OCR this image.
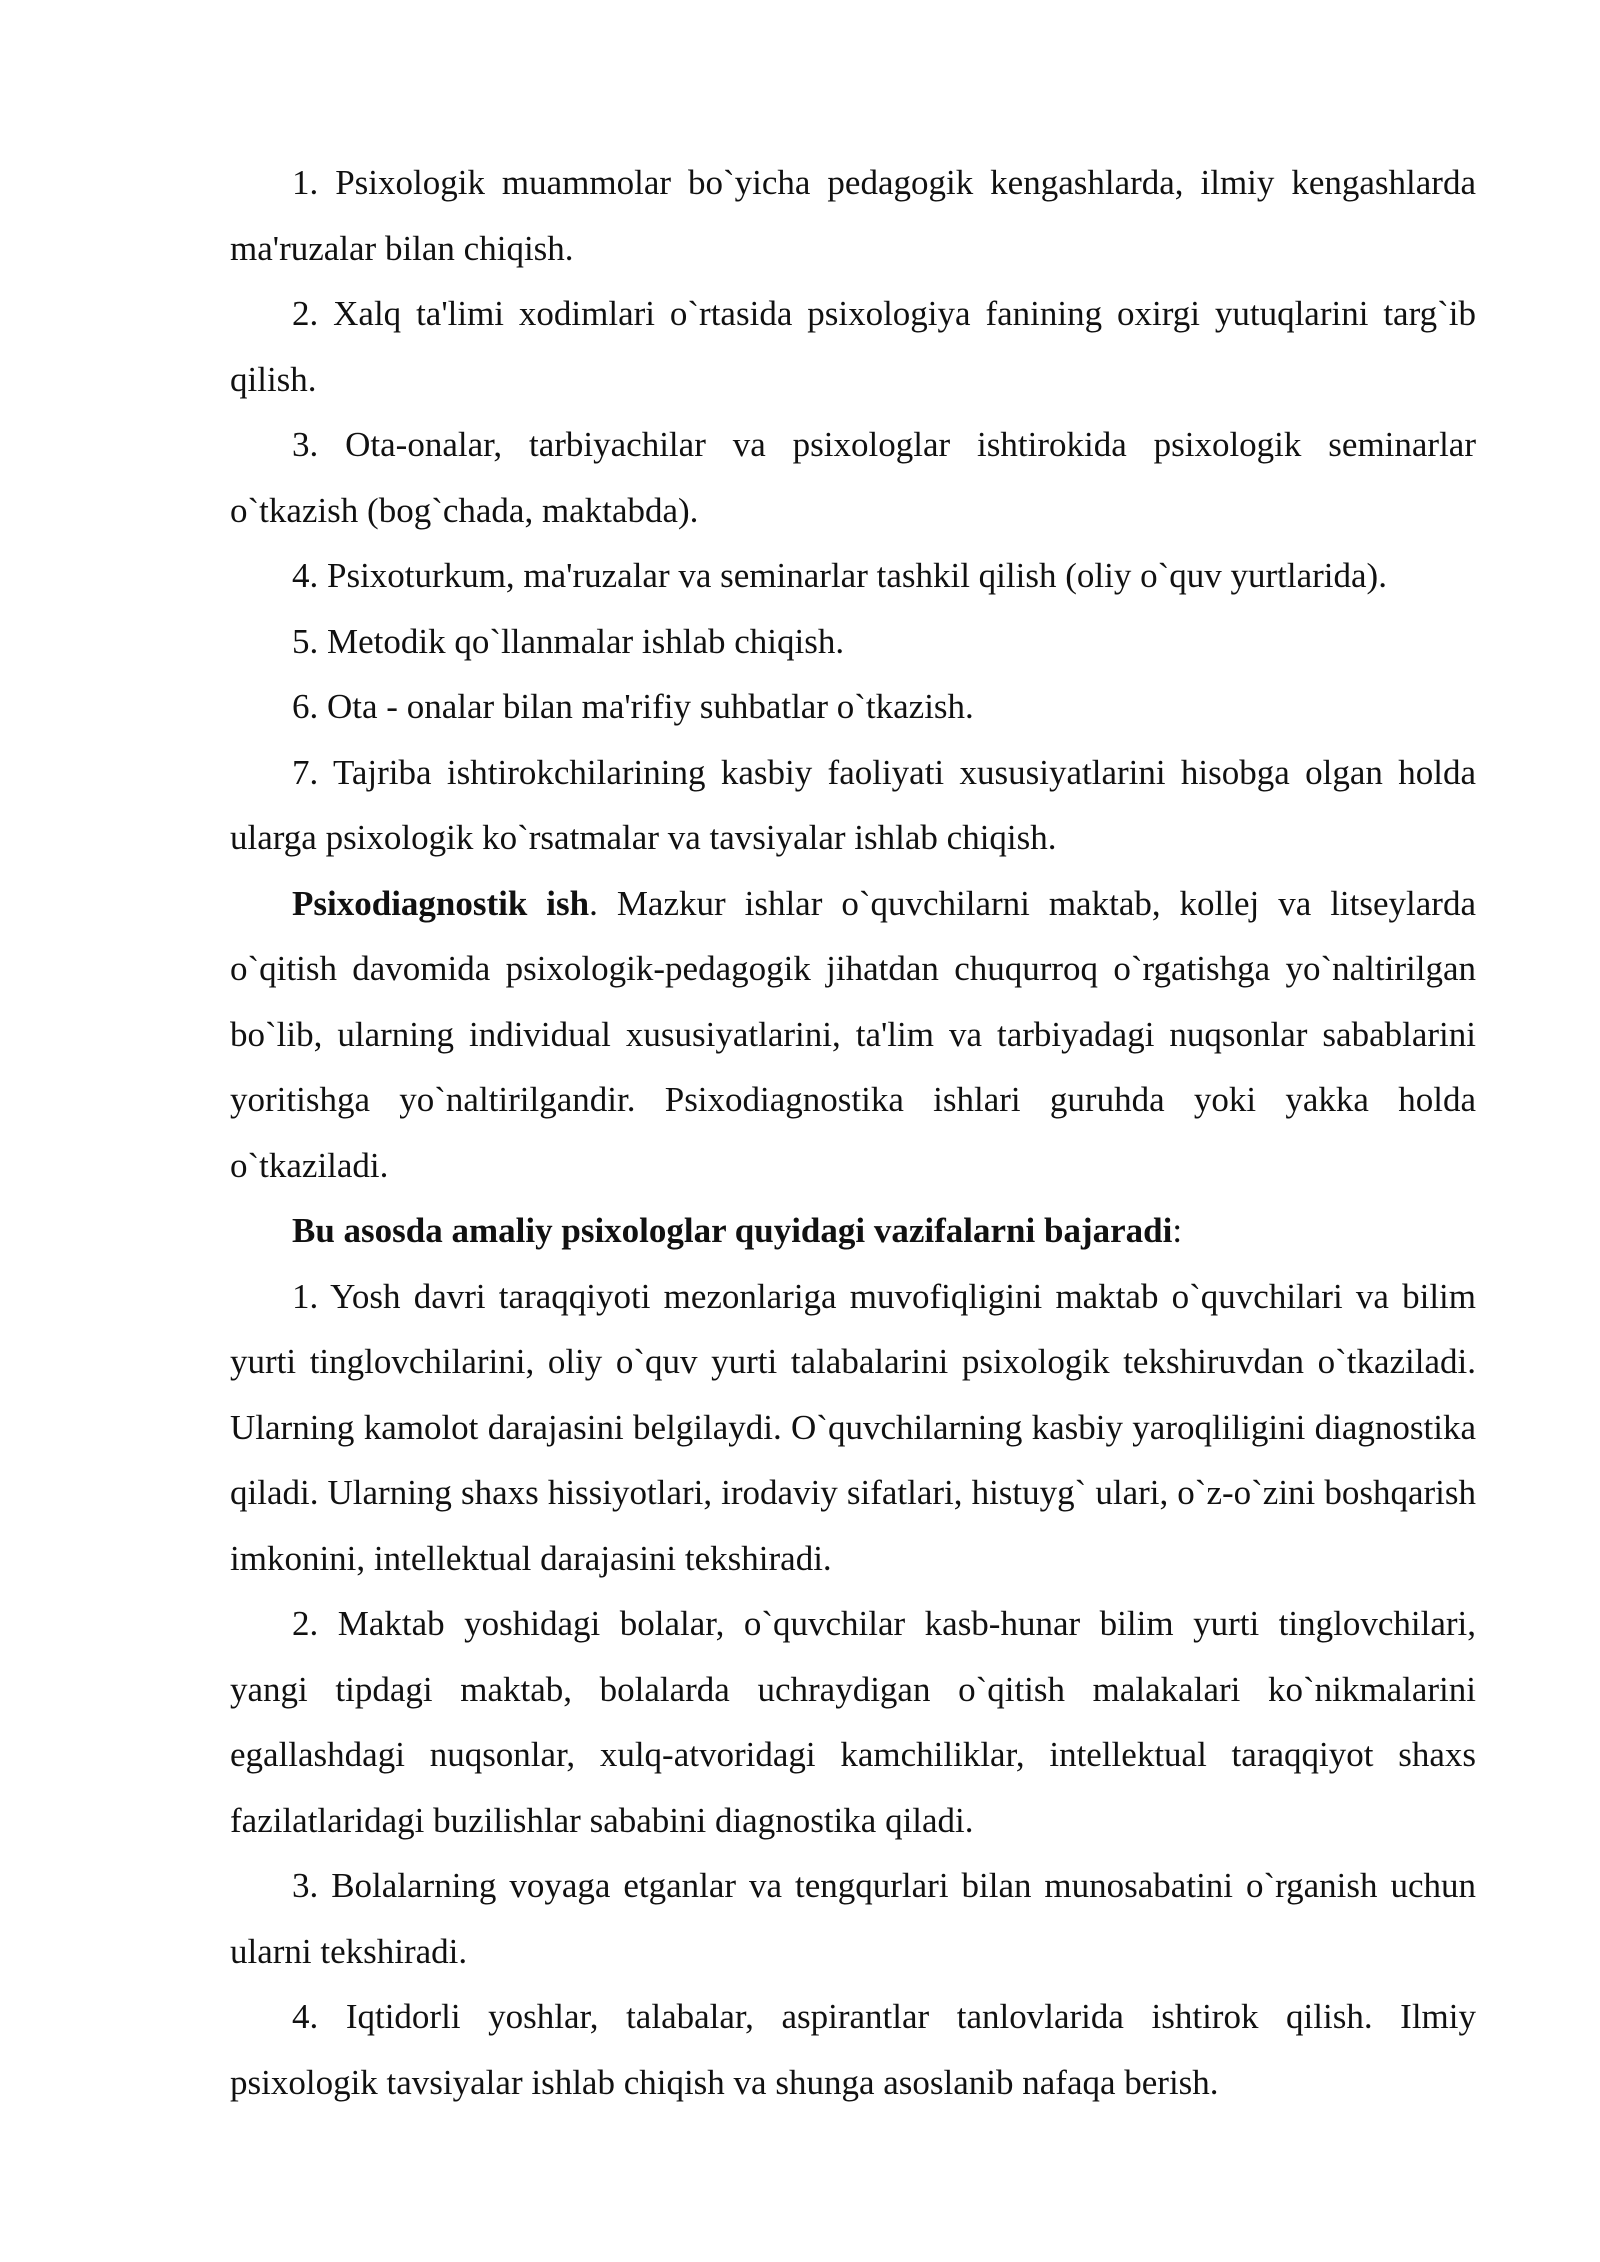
1. Psixologik muammolar bo`yicha pedagogik kengashlarda, ilmiy kengashlarda ma'ruzalar bilan chiqish.

2. Xalq ta'limi xodimlari o`rtasida psixologiya fanining oxirgi yutuqlarini targ`ib qilish.

3. Ota-onalar, tarbiyachilar va psixologlar ishtirokida psixologik seminarlar o`tkazish (bog`chada, maktabda).

4. Psixoturkum, ma'ruzalar va seminarlar tashkil qilish (oliy o`quv yurtlarida).

5. Metodik qo`llanmalar ishlab chiqish.

6. Ota - onalar bilan ma'rifiy suhbatlar o`tkazish.

7. Tajriba ishtirokchilarining kasbiy faoliyati xususiyatlarini hisobga olgan holda ularga psixologik ko`rsatmalar va tavsiyalar ishlab chiqish.

Psixodiagnostik ish. Mazkur ishlar o`quvchilarni maktab, kollej va litseylarda o`qitish davomida psixologik-pedagogik jihatdan chuqurroq o`rgatishga yo`naltirilgan bo`lib, ularning individual xususiyatlarini, ta'lim va tarbiyadagi nuqsonlar sabablarini yoritishga yo`naltirilgandir. Psixodiagnostika ishlari guruhda yoki yakka holda o`tkaziladi.

Bu asosda amaliy psixologlar quyidagi vazifalarni bajaradi:

1. Yosh davri taraqqiyoti mezonlariga muvofiqligini maktab o`quvchilari va bilim yurti tinglovchilarini, oliy o`quv yurti talabalarini psixologik tekshiruvdan o`tkaziladi. Ularning kamolot darajasini belgilaydi. O`quvchilarning kasbiy yaroqliligini diagnostika qiladi. Ularning shaxs hissiyotlari, irodaviy sifatlari, histuyg` ulari, o`z-o`zini boshqarish imkonini, intellektual darajasini tekshiradi.

2. Maktab yoshidagi bolalar, o`quvchilar kasb-hunar bilim yurti tinglovchilari, yangi tipdagi maktab, bolalarda uchraydigan o`qitish malakalari ko`nikmalarini egallashdagi nuqsonlar, xulq-atvoridagi kamchiliklar, intellektual taraqqiyot shaxs fazilatlaridagi buzilishlar sababini diagnostika qiladi.

3. Bolalarning voyaga etganlar va tengqurlari bilan munosabatini o`rganish uchun ularni tekshiradi.

4. Iqtidorli yoshlar, talabalar, aspirantlar tanlovlarida ishtirok qilish. Ilmiy psixologik tavsiyalar ishlab chiqish va shunga asoslanib nafaqa berish.
